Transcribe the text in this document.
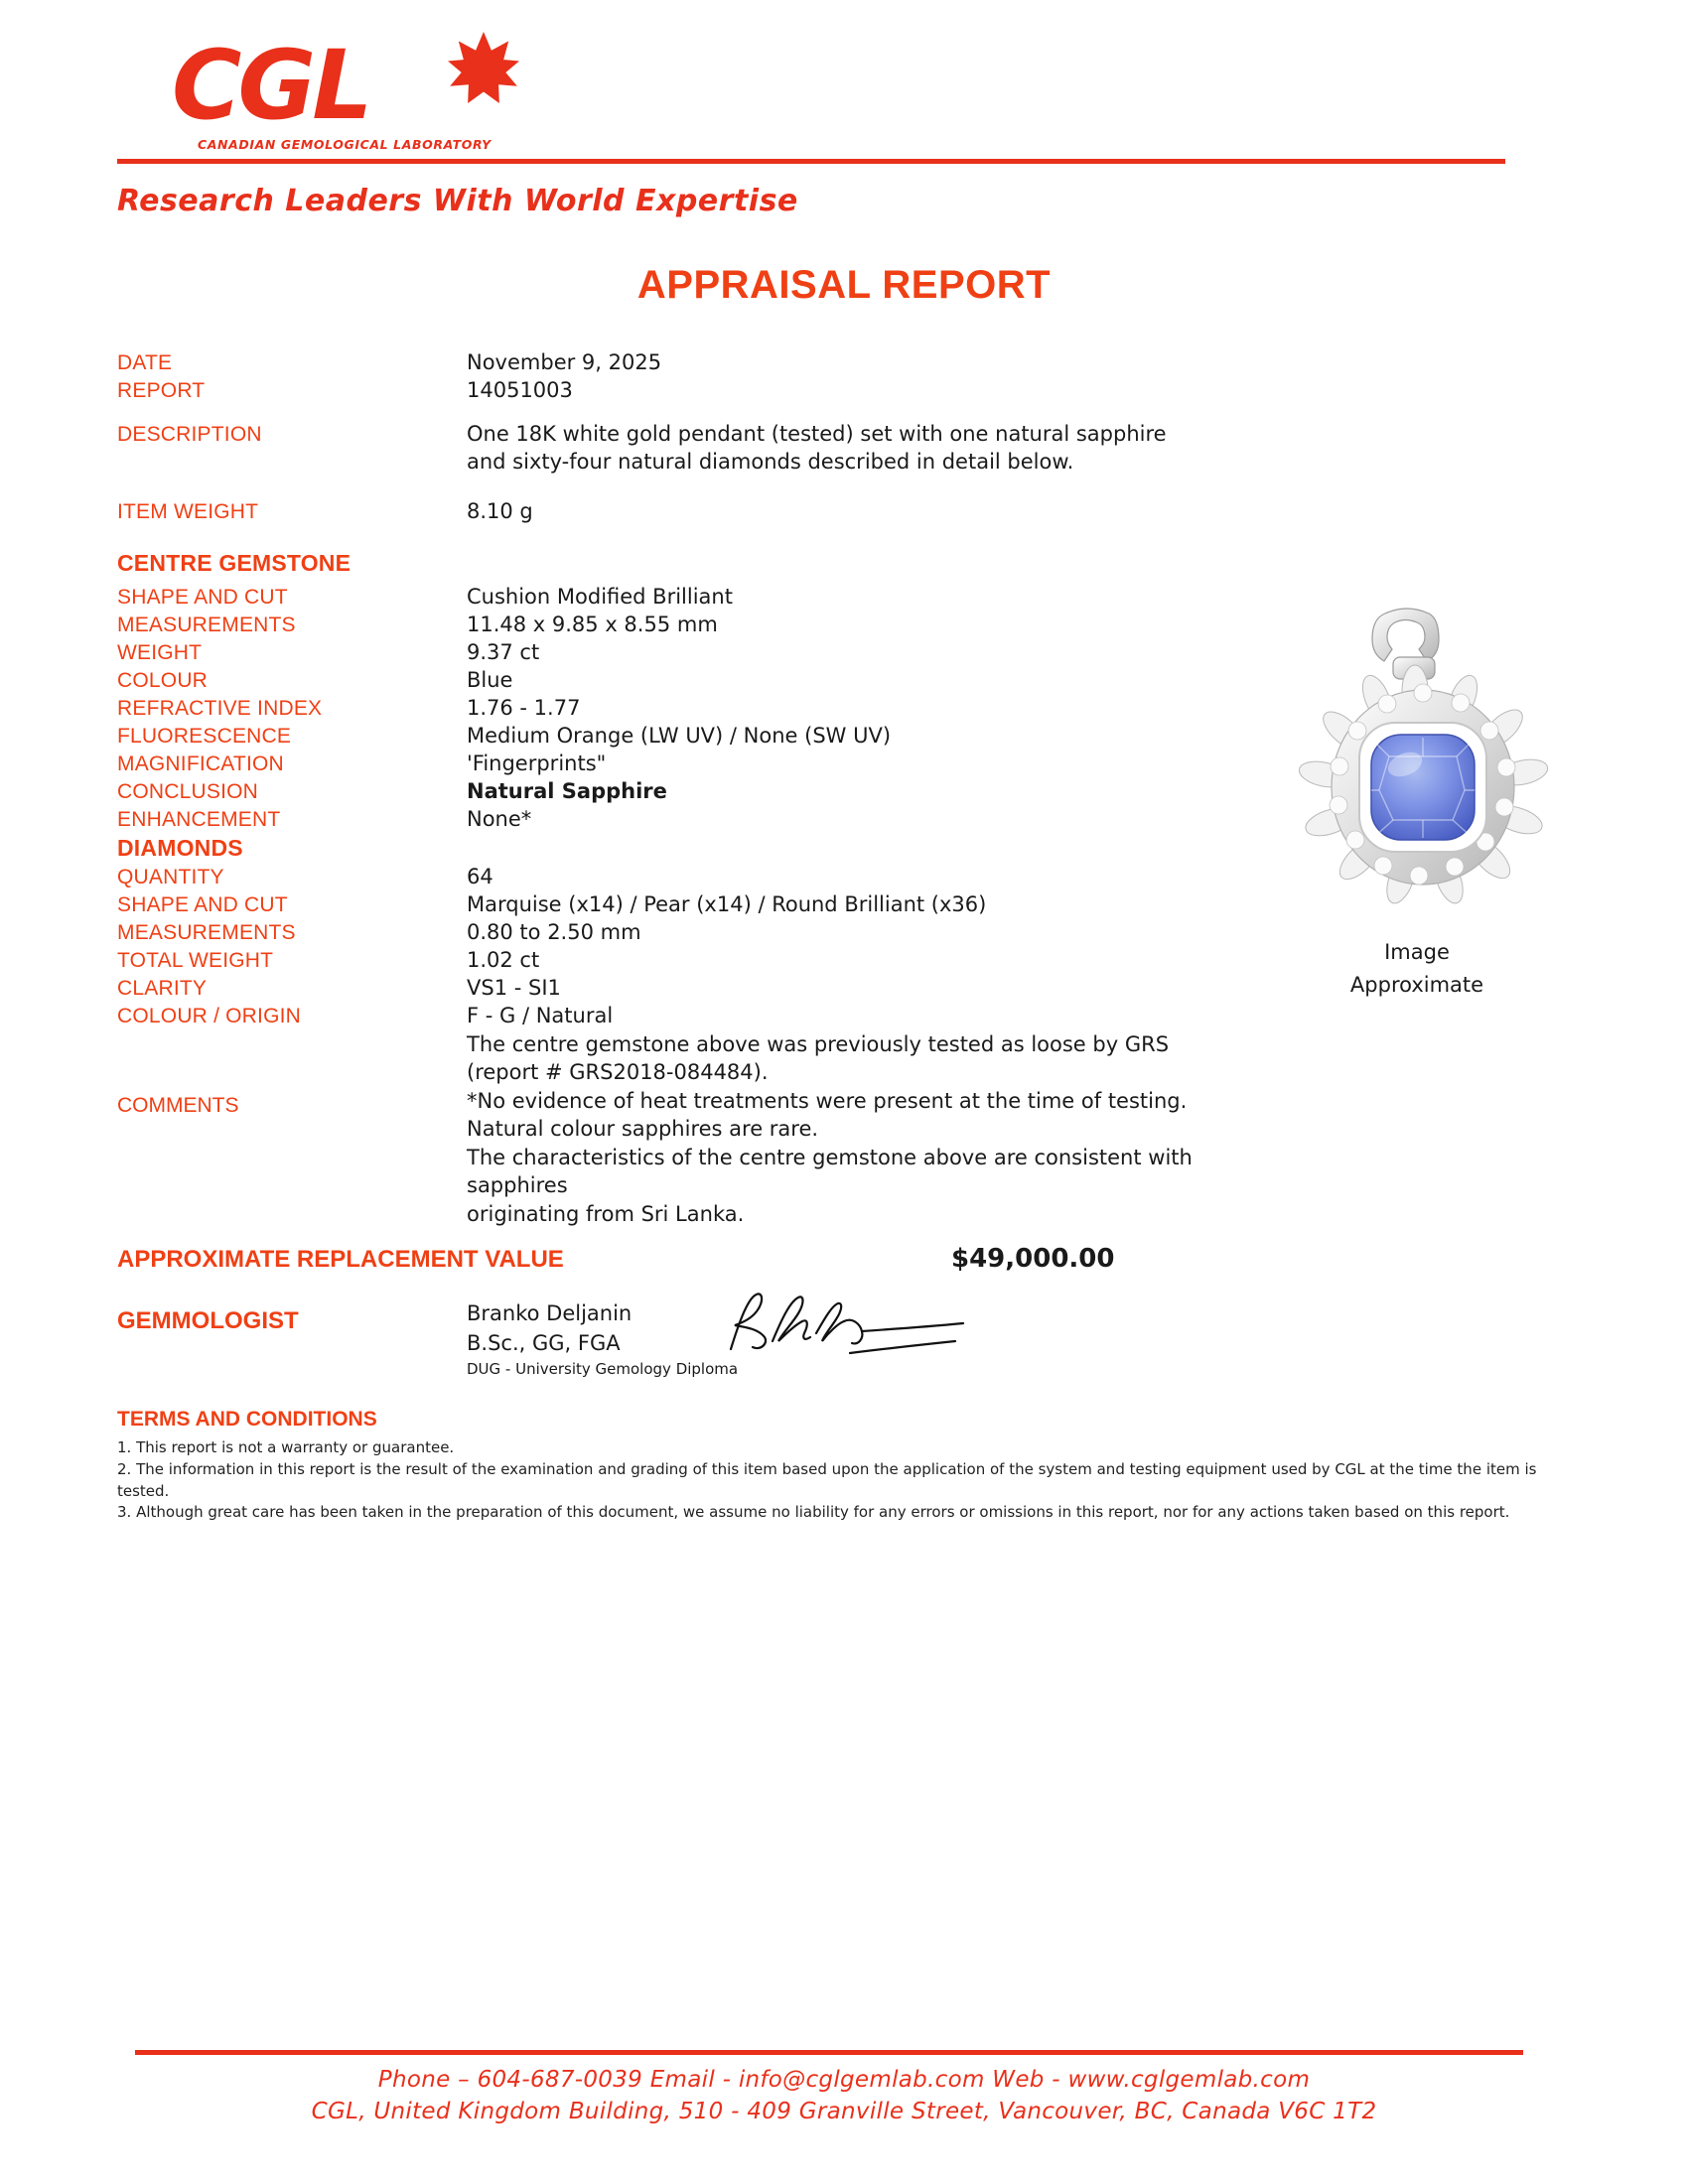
CGL
CANADIAN GEMOLOGICAL LABORATORY
Research Leaders With World Expertise
APPRAISAL REPORT
Image
Approximate
DATE	November 9, 2025
REPORT	14051003
DESCRIPTION	One 18K white gold pendant (tested) set with one natural sapphire and sixty-four natural diamonds described in detail below.
ITEM WEIGHT	8.10 g
CENTRE GEMSTONE
SHAPE AND CUT	Cushion Modified Brilliant
MEASUREMENTS	11.48 x 9.85 x 8.55 mm
WEIGHT	9.37 ct
COLOUR	Blue
REFRACTIVE INDEX	1.76 - 1.77
FLUORESCENCE	Medium Orange (LW UV) / None (SW UV)
MAGNIFICATION	'Fingerprints"
CONCLUSION	Natural Sapphire
ENHANCEMENT	None*
DIAMONDS
QUANTITY	64
SHAPE AND CUT	Marquise (x14) / Pear (x14) / Round Brilliant (x36)
MEASUREMENTS	0.80 to 2.50 mm
TOTAL WEIGHT	1.02 ct
CLARITY	VS1 - SI1
COLOUR / ORIGIN	F - G / Natural
COMMENTS
The centre gemstone above was previously tested as loose by GRS
(report # GRS2018-084484).
*No evidence of heat treatments were present at the time of testing.
Natural colour sapphires are rare.
The characteristics of the centre gemstone above are consistent with sapphires
originating from Sri Lanka.
APPROXIMATE REPLACEMENT VALUE	$49,000.00
GEMMOLOGIST	Branko Deljanin
B.Sc., GG, FGA
DUG - University Gemology Diploma
TERMS AND CONDITIONS
1. This report is not a warranty or guarantee.
2. The information in this report is the result of the examination and grading of this item based upon the application of the system and testing equipment used by CGL at the time the item is tested.
3. Although great care has been taken in the preparation of this document, we assume no liability for any errors or omissions in this report, nor for any actions taken based on this report.
Phone – 604-687-0039 Email - info@cglgemlab.com Web - www.cglgemlab.com
CGL, United Kingdom Building, 510 - 409 Granville Street, Vancouver, BC, Canada V6C 1T2
